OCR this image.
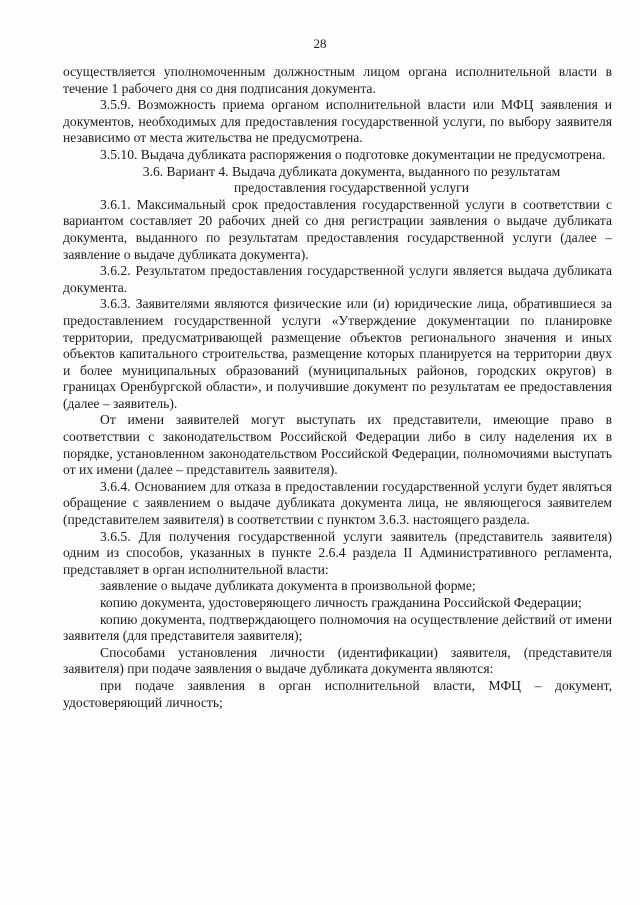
28

осуществляется уполномоченным должностным лицом органа исполнительной власти в течение 1 рабочего дня со дня подписания документа.

3.5.9. Возможность приема органом исполнительной власти или МФЦ заявления и документов, необходимых для предоставления государственной услуги, по выбору заявителя независимо от места жительства не предусмотрена.

3.5.10. Выдача дубликата распоряжения о подготовке документации не предусмотрена.

3.6. Вариант 4. Выдача дубликата документа, выданного по результатам предоставления государственной услуги

3.6.1. Максимальный срок предоставления государственной услуги в соответствии с вариантом составляет 20 рабочих дней со дня регистрации заявления о выдаче дубликата документа, выданного по результатам предоставления государственной услуги (далее – заявление о выдаче дубликата документа).

3.6.2. Результатом предоставления государственной услуги является выдача дубликата документа.

3.6.3. Заявителями являются физические или (и) юридические лица, обратившиеся за предоставлением государственной услуги «Утверждение документации по планировке территории, предусматривающей размещение объектов регионального значения и иных объектов капитального строительства, размещение которых планируется на территории двух и более муниципальных образований (муниципальных районов, городских округов) в границах Оренбургской области», и получившие документ по результатам ее предоставления (далее – заявитель).

От имени заявителей могут выступать их представители, имеющие право в соответствии с законодательством Российской Федерации либо в силу наделения их в порядке, установленном законодательством Российской Федерации, полномочиями выступать от их имени (далее – представитель заявителя).

3.6.4. Основанием для отказа в предоставлении государственной услуги будет являться обращение с заявлением о выдаче дубликата документа лица, не являющегося заявителем (представителем заявителя) в соответствии с пунктом 3.6.3. настоящего раздела.

3.6.5. Для получения государственной услуги заявитель (представитель заявителя) одним из способов, указанных в пункте 2.6.4 раздела II Административного регламента, представляет в орган исполнительной власти:

заявление о выдаче дубликата документа в произвольной форме;

копию документа, удостоверяющего личность гражданина Российской Федерации;

копию документа, подтверждающего полномочия на осуществление действий от имени заявителя (для представителя заявителя);

Способами установления личности (идентификации) заявителя, (представителя заявителя) при подаче заявления о выдаче дубликата документа являются:

при подаче заявления в орган исполнительной власти, МФЦ – документ, удостоверяющий личность;
